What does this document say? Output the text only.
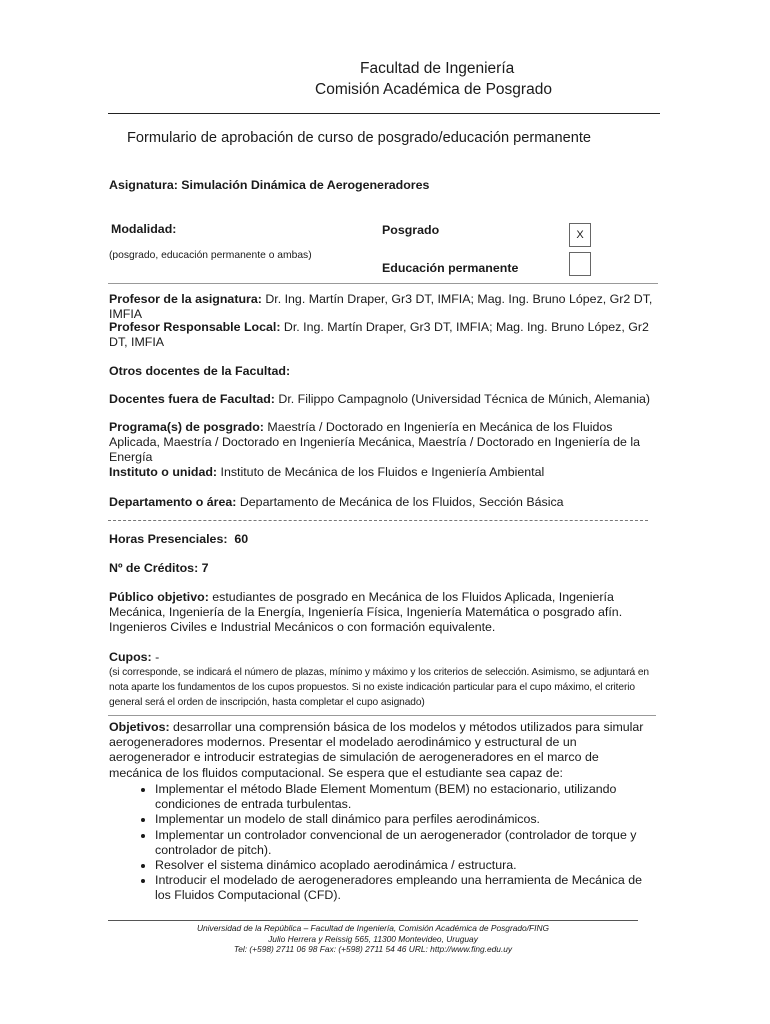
Facultad de Ingeniería
Comisión Académica de Posgrado
Formulario de aprobación de curso de posgrado/educación permanente
Asignatura: Simulación Dinámica de Aerogeneradores
Modalidad:
(posgrado, educación permanente o ambas)
Posgrado	X
Educación permanente
Profesor de la asignatura: Dr. Ing. Martín Draper, Gr3 DT, IMFIA; Mag. Ing. Bruno López, Gr2 DT, IMFIA
Profesor Responsable Local: Dr. Ing. Martín Draper, Gr3 DT, IMFIA; Mag. Ing. Bruno López, Gr2 DT, IMFIA
Otros docentes de la Facultad:
Docentes fuera de Facultad: Dr. Filippo Campagnolo (Universidad Técnica de Múnich, Alemania)
Programa(s) de posgrado: Maestría / Doctorado en Ingeniería en Mecánica de los Fluidos Aplicada, Maestría / Doctorado en Ingeniería Mecánica, Maestría / Doctorado en Ingeniería de la Energía
Instituto o unidad: Instituto de Mecánica de los Fluidos e Ingeniería Ambiental
Departamento o área: Departamento de Mecánica de los Fluidos, Sección Básica
Horas Presenciales: 60
Nº de Créditos: 7
Público objetivo: estudiantes de posgrado en Mecánica de los Fluidos Aplicada, Ingeniería Mecánica, Ingeniería de la Energía, Ingeniería Física, Ingeniería Matemática o posgrado afín. Ingenieros Civiles e Industrial Mecánicos o con formación equivalente.
Cupos: -
(si corresponde, se indicará el número de plazas, mínimo y máximo y los criterios de selección. Asimismo, se adjuntará en nota aparte los fundamentos de los cupos propuestos. Si no existe indicación particular para el cupo máximo, el criterio general será el orden de inscripción, hasta completar el cupo asignado)
Objetivos: desarrollar una comprensión básica de los modelos y métodos utilizados para simular aerogeneradores modernos. Presentar el modelado aerodinámico y estructural de un aerogenerador e introducir estrategias de simulación de aerogeneradores en el marco de mecánica de los fluidos computacional. Se espera que el estudiante sea capaz de:
• Implementar el método Blade Element Momentum (BEM) no estacionario, utilizando condiciones de entrada turbulentas.
• Implementar un modelo de stall dinámico para perfiles aerodinámicos.
• Implementar un controlador convencional de un aerogenerador (controlador de torque y controlador de pitch).
• Resolver el sistema dinámico acoplado aerodinámica / estructura.
• Introducir el modelado de aerogeneradores empleando una herramienta de Mecánica de los Fluidos Computacional (CFD).
Universidad de la República – Facultad de Ingeniería, Comisión Académica de Posgrado/FING
Julio Herrera y Reissig 565, 11300 Montevideo, Uruguay
Tel: (+598) 2711 06 98 Fax: (+598) 2711 54 46 URL: http://www.fing.edu.uy
